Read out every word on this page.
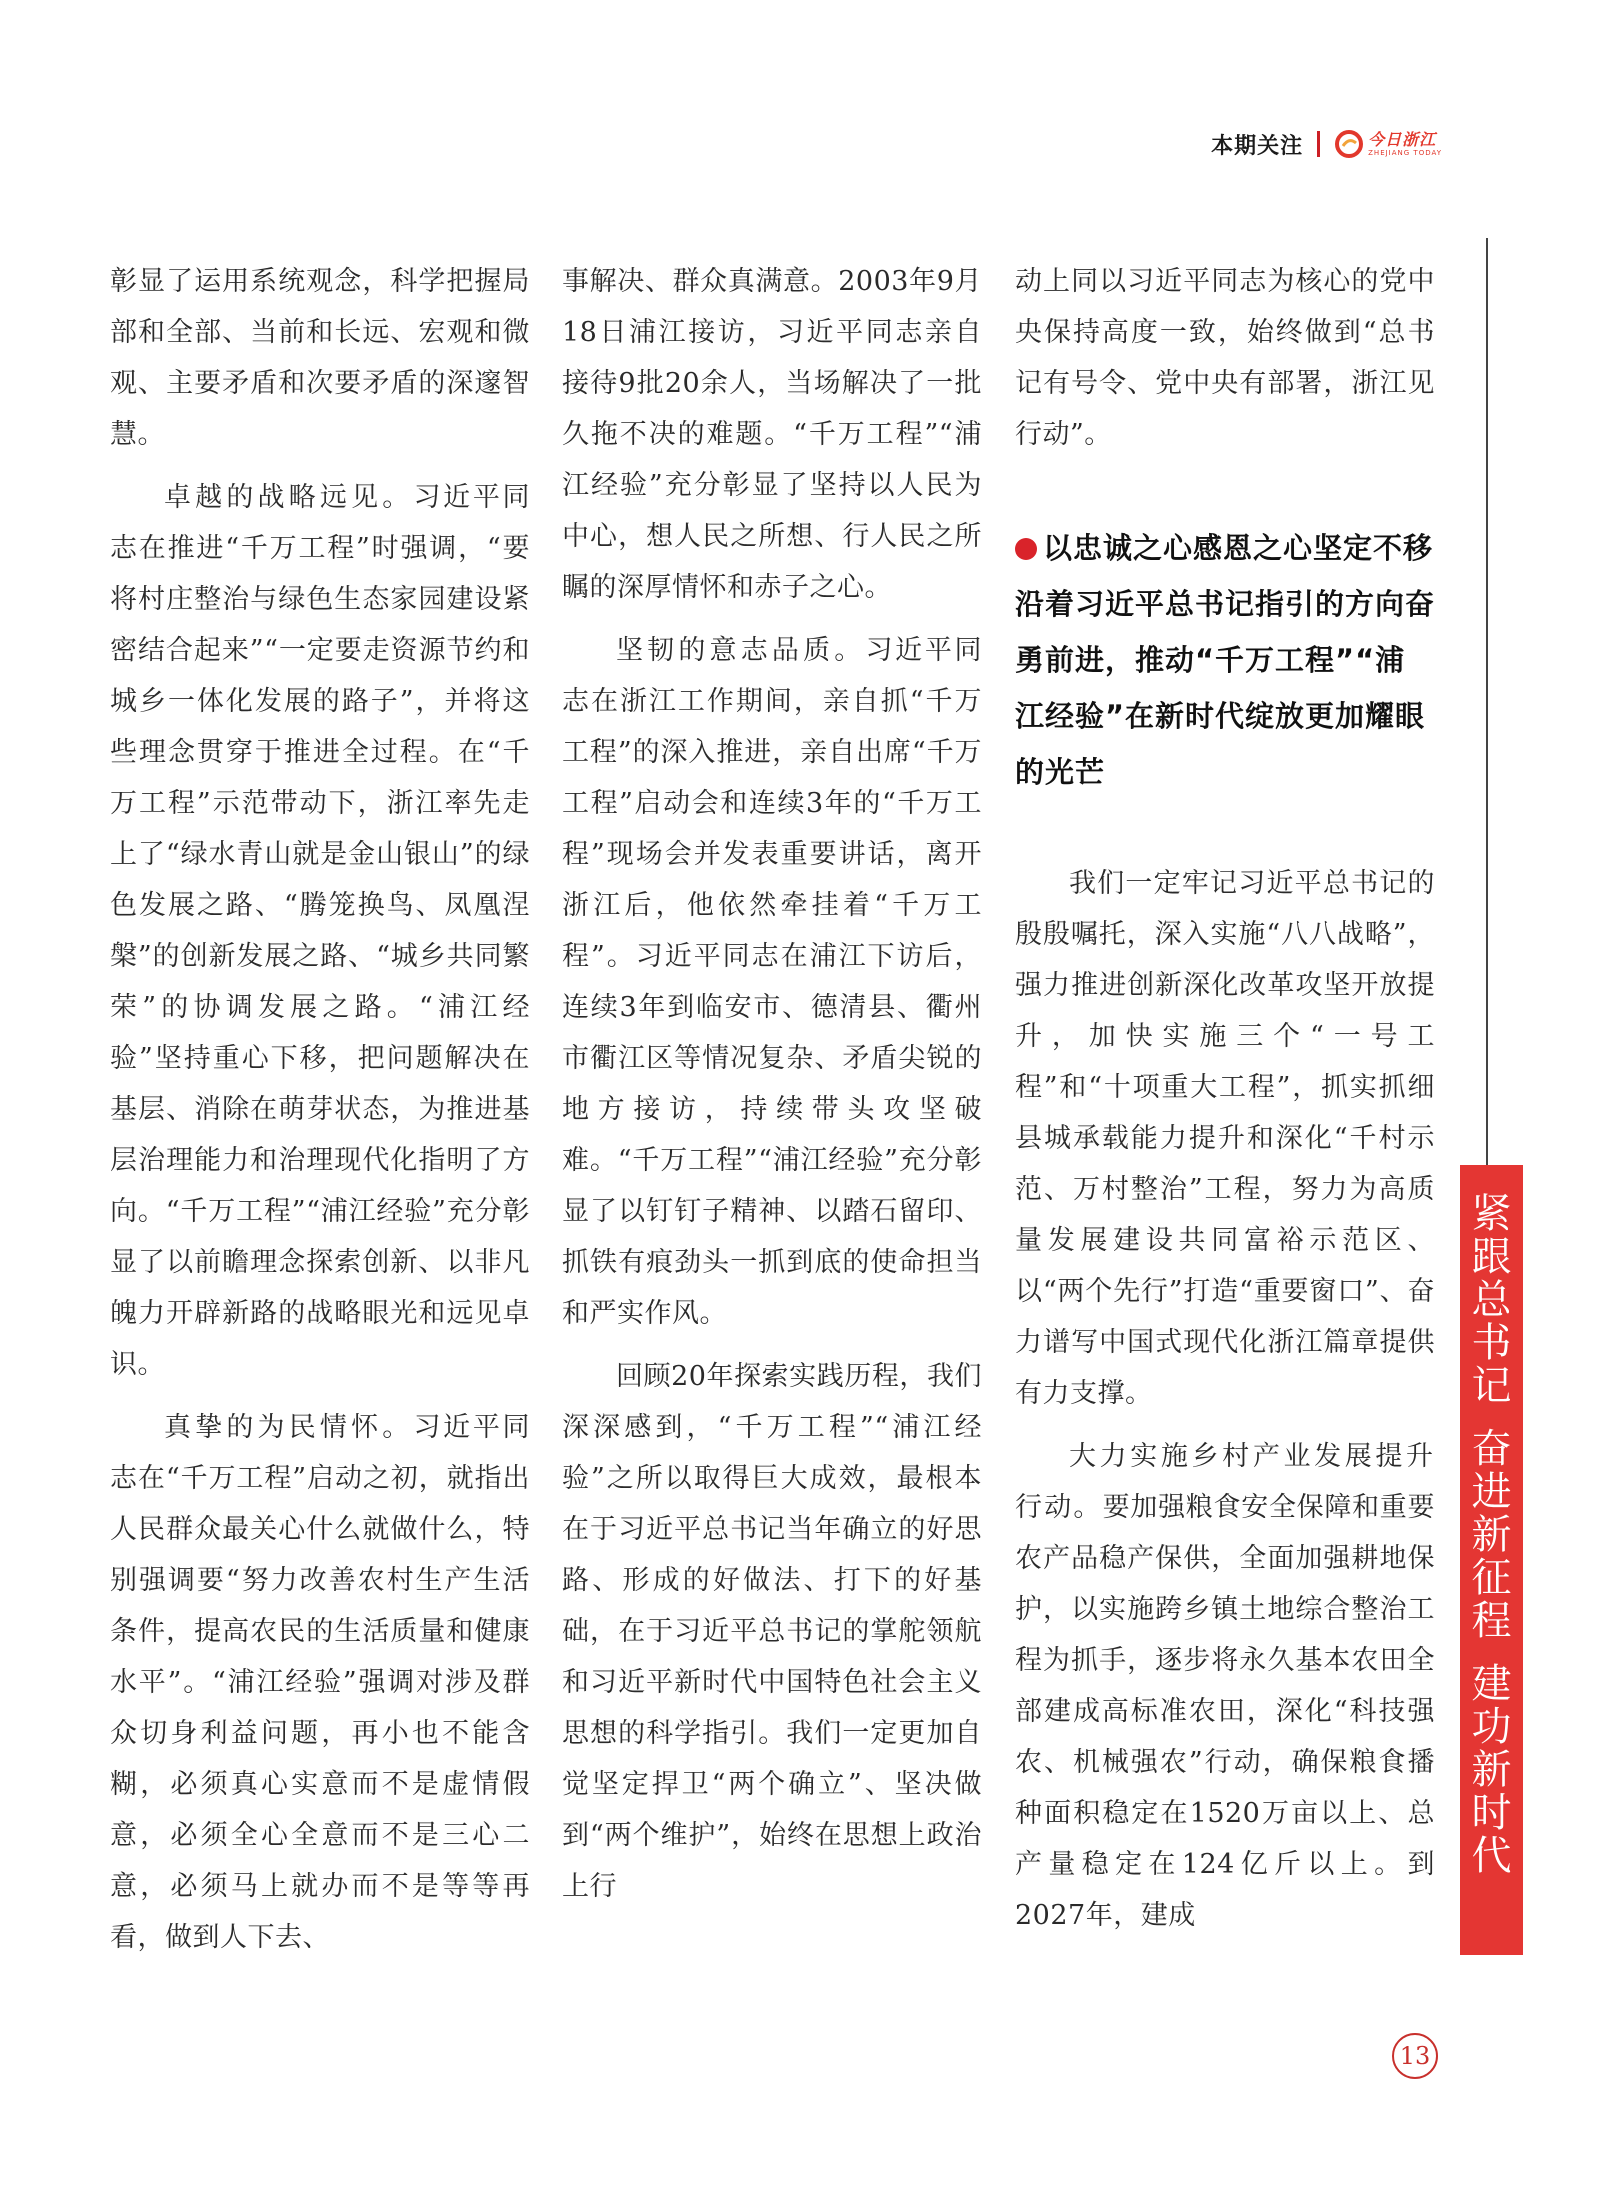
本期关注	今日浙江
ZHEJIANG TODAY

彰显了运用系统观念，科学把握局部和全部、当前和长远、宏观和微观、主要矛盾和次要矛盾的深邃智慧。

卓越的战略远见。习近平同志在推进“千万工程”时强调，“要将村庄整治与绿色生态家园建设紧密结合起来”“一定要走资源节约和城乡一体化发展的路子”，并将这些理念贯穿于推进全过程。在“千万工程”示范带动下，浙江率先走上了“绿水青山就是金山银山”的绿色发展之路、“腾笼换鸟、凤凰涅槃”的创新发展之路、“城乡共同繁荣”的协调发展之路。“浦江经验”坚持重心下移，把问题解决在基层、消除在萌芽状态，为推进基层治理能力和治理现代化指明了方向。“千万工程”“浦江经验”充分彰显了以前瞻理念探索创新、以非凡魄力开辟新路的战略眼光和远见卓识。

真挚的为民情怀。习近平同志在“千万工程”启动之初，就指出人民群众最关心什么就做什么，特别强调要“努力改善农村生产生活条件，提高农民的生活质量和健康水平”。“浦江经验”强调对涉及群众切身利益问题，再小也不能含糊，必须真心实意而不是虚情假意，必须全心全意而不是三心二意，必须马上就办而不是等等再看，做到人下去、

事解决、群众真满意。2003年9月18日浦江接访，习近平同志亲自接待9批20余人，当场解决了一批久拖不决的难题。“千万工程”“浦江经验”充分彰显了坚持以人民为中心，想人民之所想、行人民之所瞩的深厚情怀和赤子之心。

坚韧的意志品质。习近平同志在浙江工作期间，亲自抓“千万工程”的深入推进，亲自出席“千万工程”启动会和连续3年的“千万工程”现场会并发表重要讲话，离开浙江后，他依然牵挂着“千万工程”。习近平同志在浦江下访后，连续3年到临安市、德清县、衢州市衢江区等情况复杂、矛盾尖锐的地方接访，持续带头攻坚破难。“千万工程”“浦江经验”充分彰显了以钉钉子精神、以踏石留印、抓铁有痕劲头一抓到底的使命担当和严实作风。

回顾20年探索实践历程，我们深深感到，“千万工程”“浦江经验”之所以取得巨大成效，最根本在于习近平总书记当年确立的好思路、形成的好做法、打下的好基础，在于习近平总书记的掌舵领航和习近平新时代中国特色社会主义思想的科学指引。我们一定更加自觉坚定捍卫“两个确立”、坚决做到“两个维护”，始终在思想上政治上行

动上同以习近平同志为核心的党中央保持高度一致，始终做到“总书记有号令、党中央有部署，浙江见行动”。

以忠诚之心感恩之心坚定不移沿着习近平总书记指引的方向奋勇前进，推动“千万工程”“浦江经验”在新时代绽放更加耀眼的光芒

我们一定牢记习近平总书记的殷殷嘱托，深入实施“八八战略”，强力推进创新深化改革攻坚开放提升，加快实施三个“一号工程”和“十项重大工程”，抓实抓细县城承载能力提升和深化“千村示范、万村整治”工程，努力为高质量发展建设共同富裕示范区、以“两个先行”打造“重要窗口”、奋力谱写中国式现代化浙江篇章提供有力支撑。

大力实施乡村产业发展提升行动。要加强粮食安全保障和重要农产品稳产保供，全面加强耕地保护，以实施跨乡镇土地综合整治工程为抓手，逐步将永久基本农田全部建成高标准农田，深化“科技强农、机械强农”行动，确保粮食播种面积稳定在1520万亩以上、总产量稳定在124亿斤以上。到2027年，建成

紧
跟
总
书
记

奋
进
新
征
程

建
功
新
时
代
13
